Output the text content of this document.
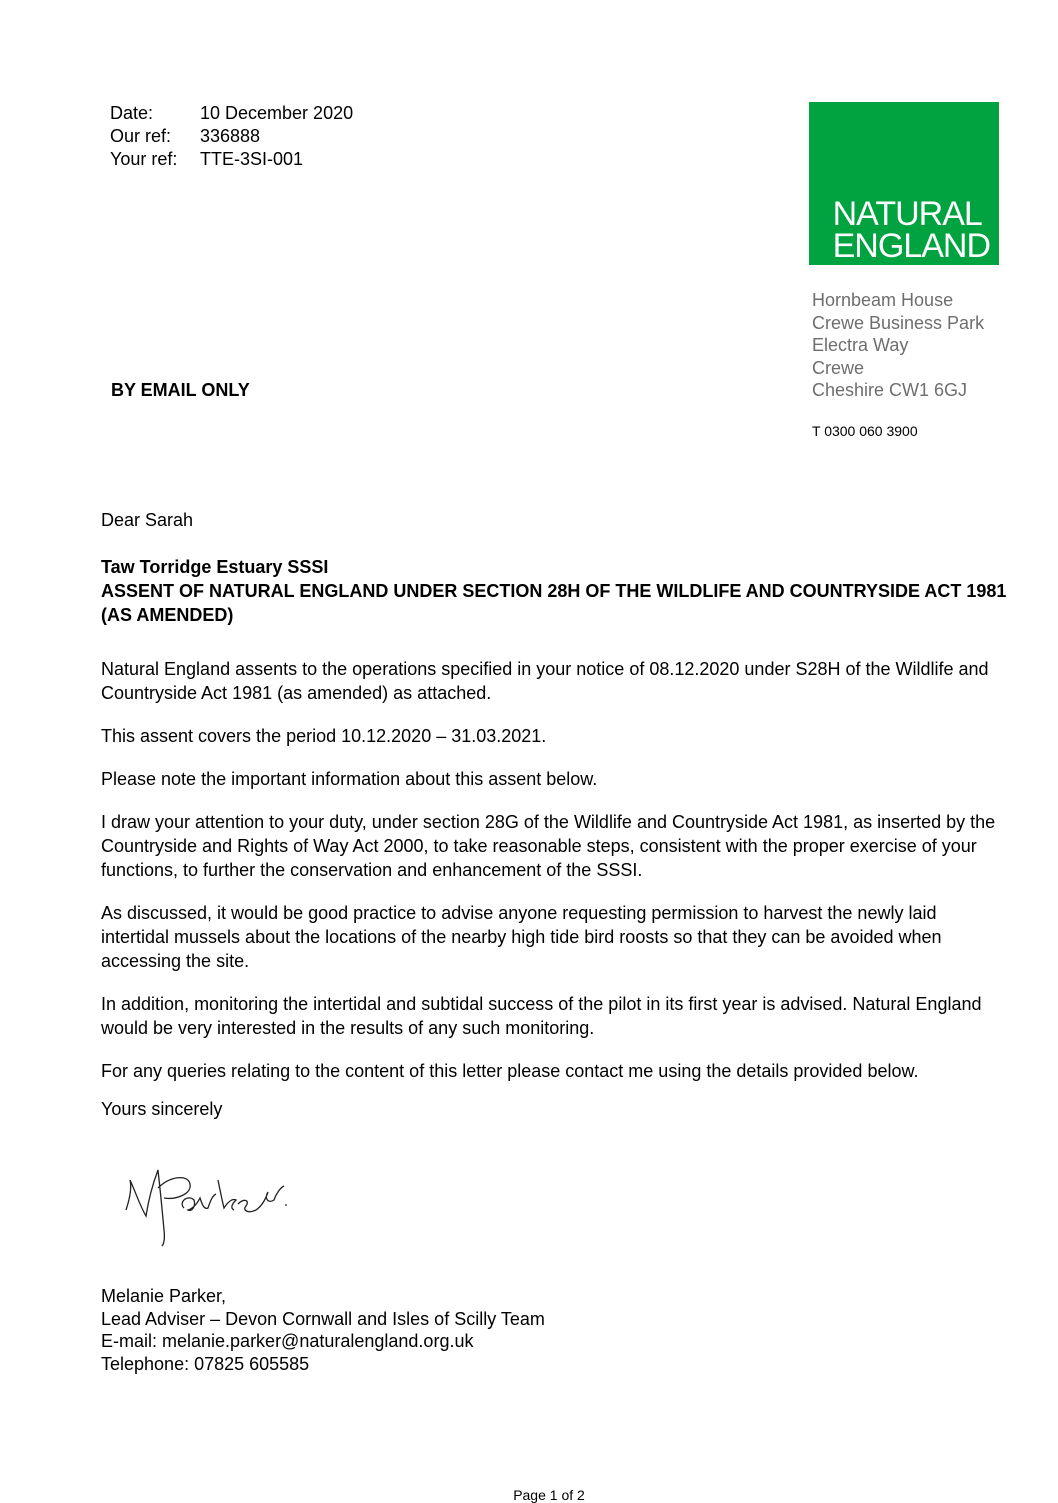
Date:	10 December 2020
Our ref:	336888
Your ref:	TTE-3SI-001
NATURAL
ENGLAND
Hornbeam House
Crewe Business Park
Electra Way
Crewe
Cheshire CW1 6GJ
T 0300 060 3900
BY EMAIL ONLY
Dear Sarah
Taw Torridge Estuary SSSI
ASSENT OF NATURAL ENGLAND UNDER SECTION 28H OF THE WILDLIFE AND COUNTRYSIDE ACT 1981 (AS AMENDED)

Natural England assents to the operations specified in your notice of 08.12.2020 under S28H of the Wildlife and Countryside Act 1981 (as amended) as attached.

This assent covers the period 10.12.2020 – 31.03.2021.

Please note the important information about this assent below.

I draw your attention to your duty, under section 28G of the Wildlife and Countryside Act 1981, as inserted by the Countryside and Rights of Way Act 2000, to take reasonable steps, consistent with the proper exercise of your functions, to further the conservation and enhancement of the SSSI.

As discussed, it would be good practice to advise anyone requesting permission to harvest the newly laid intertidal mussels about the locations of the nearby high tide bird roosts so that they can be avoided when accessing the site.

In addition, monitoring the intertidal and subtidal success of the pilot in its first year is advised. Natural England would be very interested in the results of any such monitoring.

For any queries relating to the content of this letter please contact me using the details provided below.

Yours sincerely

Melanie Parker,
Lead Adviser – Devon Cornwall and Isles of Scilly Team
E-mail: melanie.parker@naturalengland.org.uk
Telephone: 07825 605585
Page 1 of 2
